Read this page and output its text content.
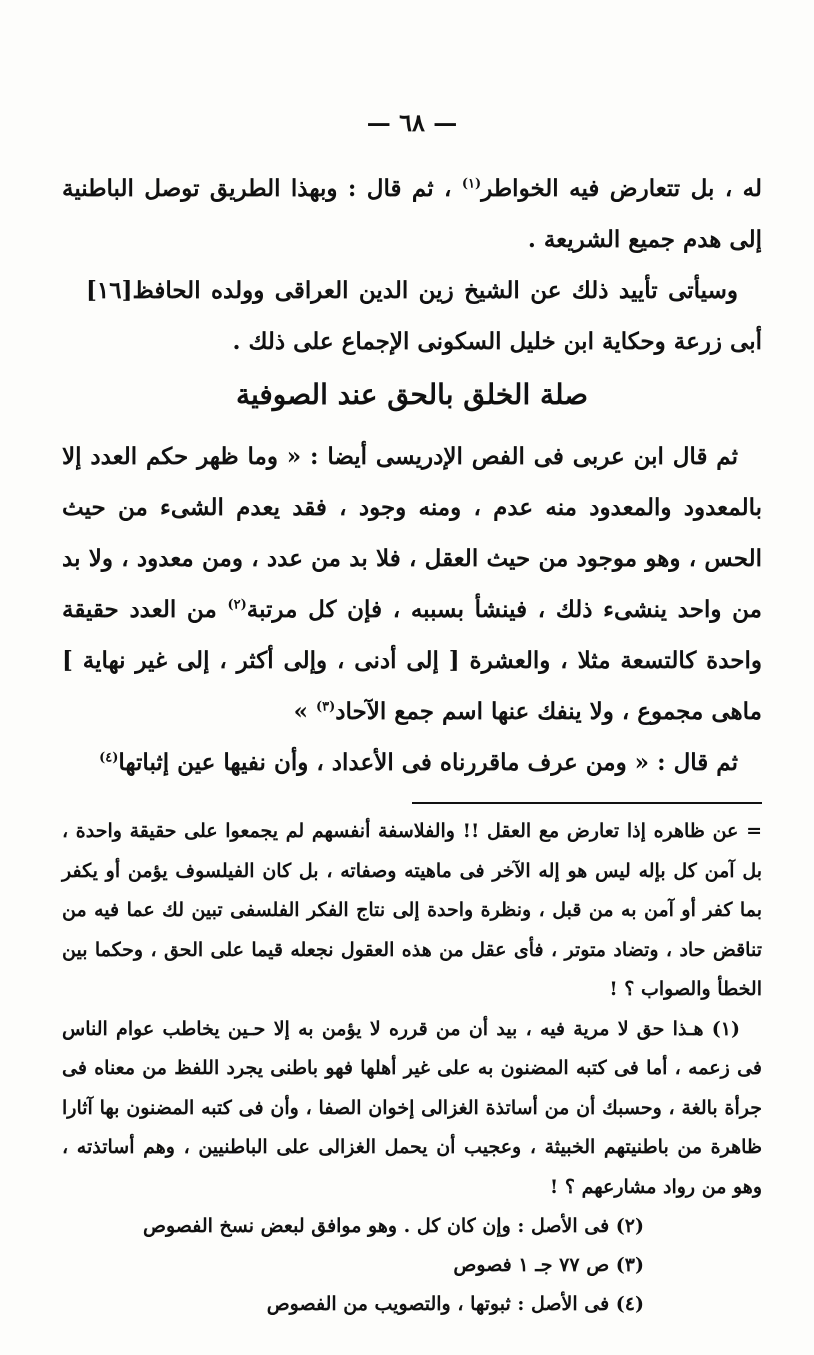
— ٦٨ —

له ، بل تتعارض فيه الخواطر$^{(١)}$ ، ثم قال : وبهذا الطريق توصل الباطنية إلى هدم جميع الشريعة .

[١٦] وسيأتى تأييد ذلك عن الشيخ زين الدين العراقى وولده الحافظ أبى زرعة وحكاية ابن خليل السكونى الإجماع على ذلك .

صلة الخلق بالحق عند الصوفية

ثم قال ابن عربى فى الفص الإدريسى أيضا : « وما ظهر حكم العدد إلا بالمعدود والمعدود منه عدم ، ومنه وجود ، فقد يعدم الشىء من حيث الحس ، وهو موجود من حيث العقل ، فلا بد من عدد ، ومن معدود ، ولا بد من واحد ينشىء ذلك ، فينشأ بسببه ، فإن كل مرتبة$^{(٢)}$ من العدد حقيقة واحدة كالتسعة مثلا ، والعشرة [ إلى أدنى ، وإلى أكثر ، إلى غير نهاية ] ماهى مجموع ، ولا ينفك عنها اسم جمع الآحاد$^{(٣)}$ »

ثم قال : « ومن عرف ماقررناه فى الأعداد ، وأن نفيها عين إثباتها$^{(٤)}$

= عن ظاهره إذا تعارض مع العقل !! والفلاسفة أنفسهم لم يجمعوا على حقيقة واحدة ، بل آمن كل بإله ليس هو إله الآخر فى ماهيته وصفاته ، بل كان الفيلسوف يؤمن أو يكفر بما كفر أو آمن به من قبل ، ونظرة واحدة إلى نتاج الفكر الفلسفى تبين لك عما فيه من تناقض حاد ، وتضاد متوتر ، فأى عقل من هذه العقول نجعله قيما على الحق ، وحكما بين الخطأ والصواب ؟ !

(١) هـذا حق لا مرية فيه ، بيد أن من قرره لا يؤمن به إلا حـين يخاطب عوام الناس فى زعمه ، أما فى كتبه المضنون به على غير أهلها فهو باطنى يجرد اللفظ من معناه فى جرأة بالغة ، وحسبك أن من أساتذة الغزالى إخوان الصفا ، وأن فى كتبه المضنون بها آثارا ظاهرة من باطنيتهم الخبيثة ، وعجيب أن يحمل الغزالى على الباطنيين ، وهم أساتذته ، وهو من رواد مشارعهم ؟ !

(٢) فى الأصل : وإن كان كل . وهو موافق لبعض نسخ الفصوص

(٣) ص ٧٧ جـ ١ فصوص

(٤) فى الأصل : ثبوتها ، والتصويب من الفصوص
